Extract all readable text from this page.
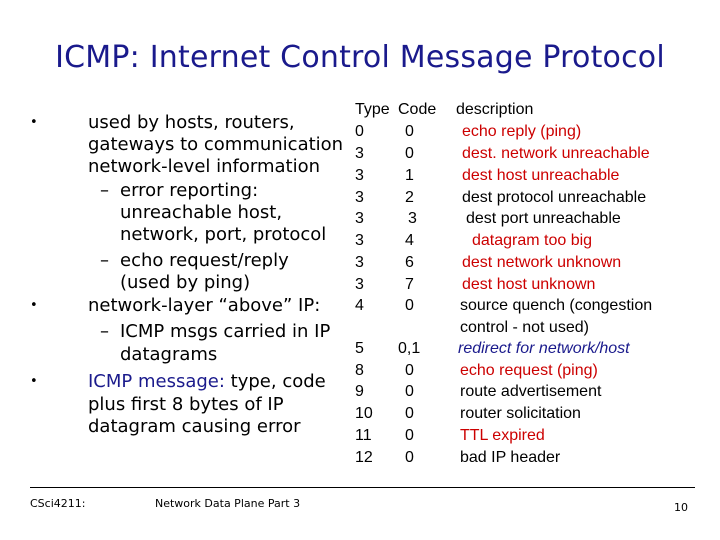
ICMP: Internet Control Message Protocol
•	used by hosts, routers,
gateways to communication
network-level information
– error reporting:
unreachable host,
network, port, protocol
– echo request/reply
(used by ping)
•	network-layer “above” IP:
– ICMP msgs carried in IP
datagrams
•	ICMP message: type, code
plus first 8 bytes of IP
datagram causing error
Type Code description
0	0	echo reply (ping)
3	0	dest. network unreachable
3	1	dest host unreachable
3	2	dest protocol unreachable
3	3	dest port unreachable
3	4	datagram too big
3	6	dest network unknown
3	7	dest host unknown
4	0	source quench (congestion
control - not used)
5 0,1 redirect for network/host
8	0	echo request (ping)
9	0	route advertisement
10 0	router solicitation
11 0	TTL expired
12 0	bad IP header
CSci4211:	Network Data Plane Part 3	10
